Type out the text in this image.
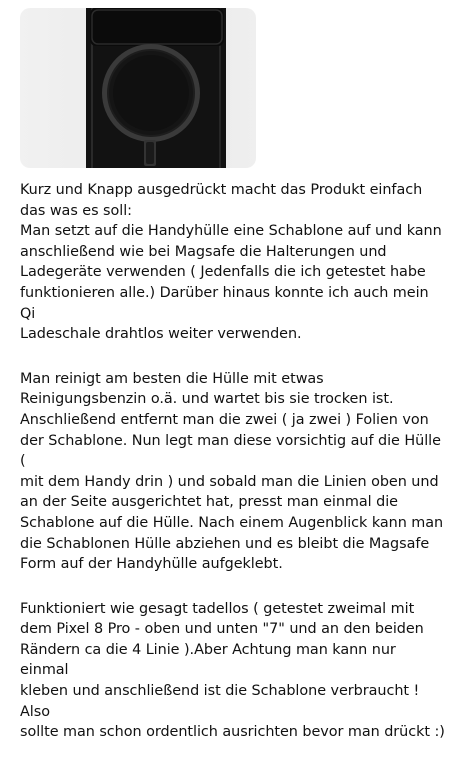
Kurz und Knapp ausgedrückt macht das Produkt einfach
das was es soll:
Man setzt auf die Handyhülle eine Schablone auf und kann
anschließend wie bei Magsafe die Halterungen und
Ladegeräte verwenden ( Jedenfalls die ich getestet habe
funktionieren alle.) Darüber hinaus konnte ich auch mein Qi
Ladeschale drahtlos weiter verwenden.

Man reinigt am besten die Hülle mit etwas
Reinigungsbenzin o.ä. und wartet bis sie trocken ist.
Anschließend entfernt man die zwei ( ja zwei ) Folien von
der Schablone. Nun legt man diese vorsichtig auf die Hülle (
mit dem Handy drin ) und sobald man die Linien oben und
an der Seite ausgerichtet hat, presst man einmal die
Schablone auf die Hülle. Nach einem Augenblick kann man
die Schablonen Hülle abziehen und es bleibt die Magsafe
Form auf der Handyhülle aufgeklebt.

Funktioniert wie gesagt tadellos ( getestet zweimal mit
dem Pixel 8 Pro - oben und unten "7" und an den beiden
Rändern ca die 4 Linie ).Aber Achtung man kann nur einmal
kleben und anschließend ist die Schablone verbraucht ! Also
sollte man schon ordentlich ausrichten bevor man drückt :)
